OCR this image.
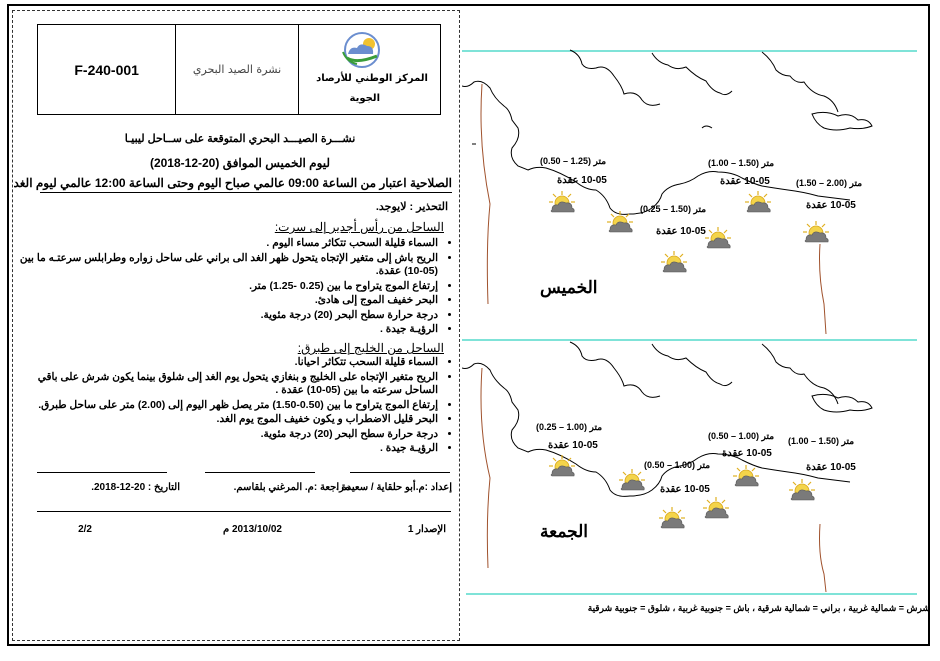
F-240-001	نشرة الصيد البحري
المركز الوطني للأرصاد
الجوية
نشـــرة الصيـــد البحري المتوقعة على ســاحل ليبيـا
ليوم الخميس الموافق (20-12-2018)
الصلاحية اعتبار من الساعة 09:00 عالمي صباح اليوم وحتى الساعة 12:00 عالمي ليوم الغد
التحذير : لايوجد.
الساحل من رأس أجدير إلى سرت:
• السماء قليلة السحب تتكاثر مساء اليوم .
• الريح باش إلى متغير الإتجاه يتحول ظهر الغد الى براني على ساحل زواره وطرابلس سرعتـه ما بين (05-10) عقدة.
• إرتفاع الموج يتراوح ما بين (0.25 -1.25) متر.
• البحر خفيف الموج إلى هادئ.
• درجة حرارة سطح البحر (20) درجة مئوية.
• الرؤيـة جيدة .
الساحل من الخليج إلى طبرق:
• السماء قليلة السحب تتكاثر احيانا.
• الريح متغير الإتجاه على الخليج و بنغازي يتحول يوم الغد إلى شلوق بينما يكون شرش على باقي الساحل سرعته ما بين (05-10) عقدة .
• إرتفاع الموج يتراوح ما بين (0.50-1.50) متر يصل ظهر اليوم إلى (2.00) متر على ساحل طبرق.
• البحر قليل الاضطراب و يكون خفيف الموج يوم الغد.
• درجة حرارة سطح البحر (20) درجة مئوية.
• الرؤيـة جيدة .
إعداد :م.أبو حلقاية / سعيدة .
مراجعة :م. المرغني بلقاسم.
التاريخ : 20-12-2018.
الإصدار 1
2013/10/02 م
2/2
الخميس
الجمعة
(0.50 – 1.25) متر
10-05 عقدة
(0.25 – 1.50) متر
10-05 عقدة
(1.00 – 1.50) متر
10-05 عقدة	(1.50 – 2.00) متر
10-05 عقدة
(0.25 – 1.00) متر
10-05 عقدة
(0.50 – 1.00) متر
10-05 عقدة
(0.50 – 1.00) متر
10-05 عقدة
(1.00 – 1.50) متر
10-05 عقدة
شرش = شمالية غربية ، براني = شمالية شرقية ، باش = جنوبية غربية ، شلوق = جنوبية شرقية
